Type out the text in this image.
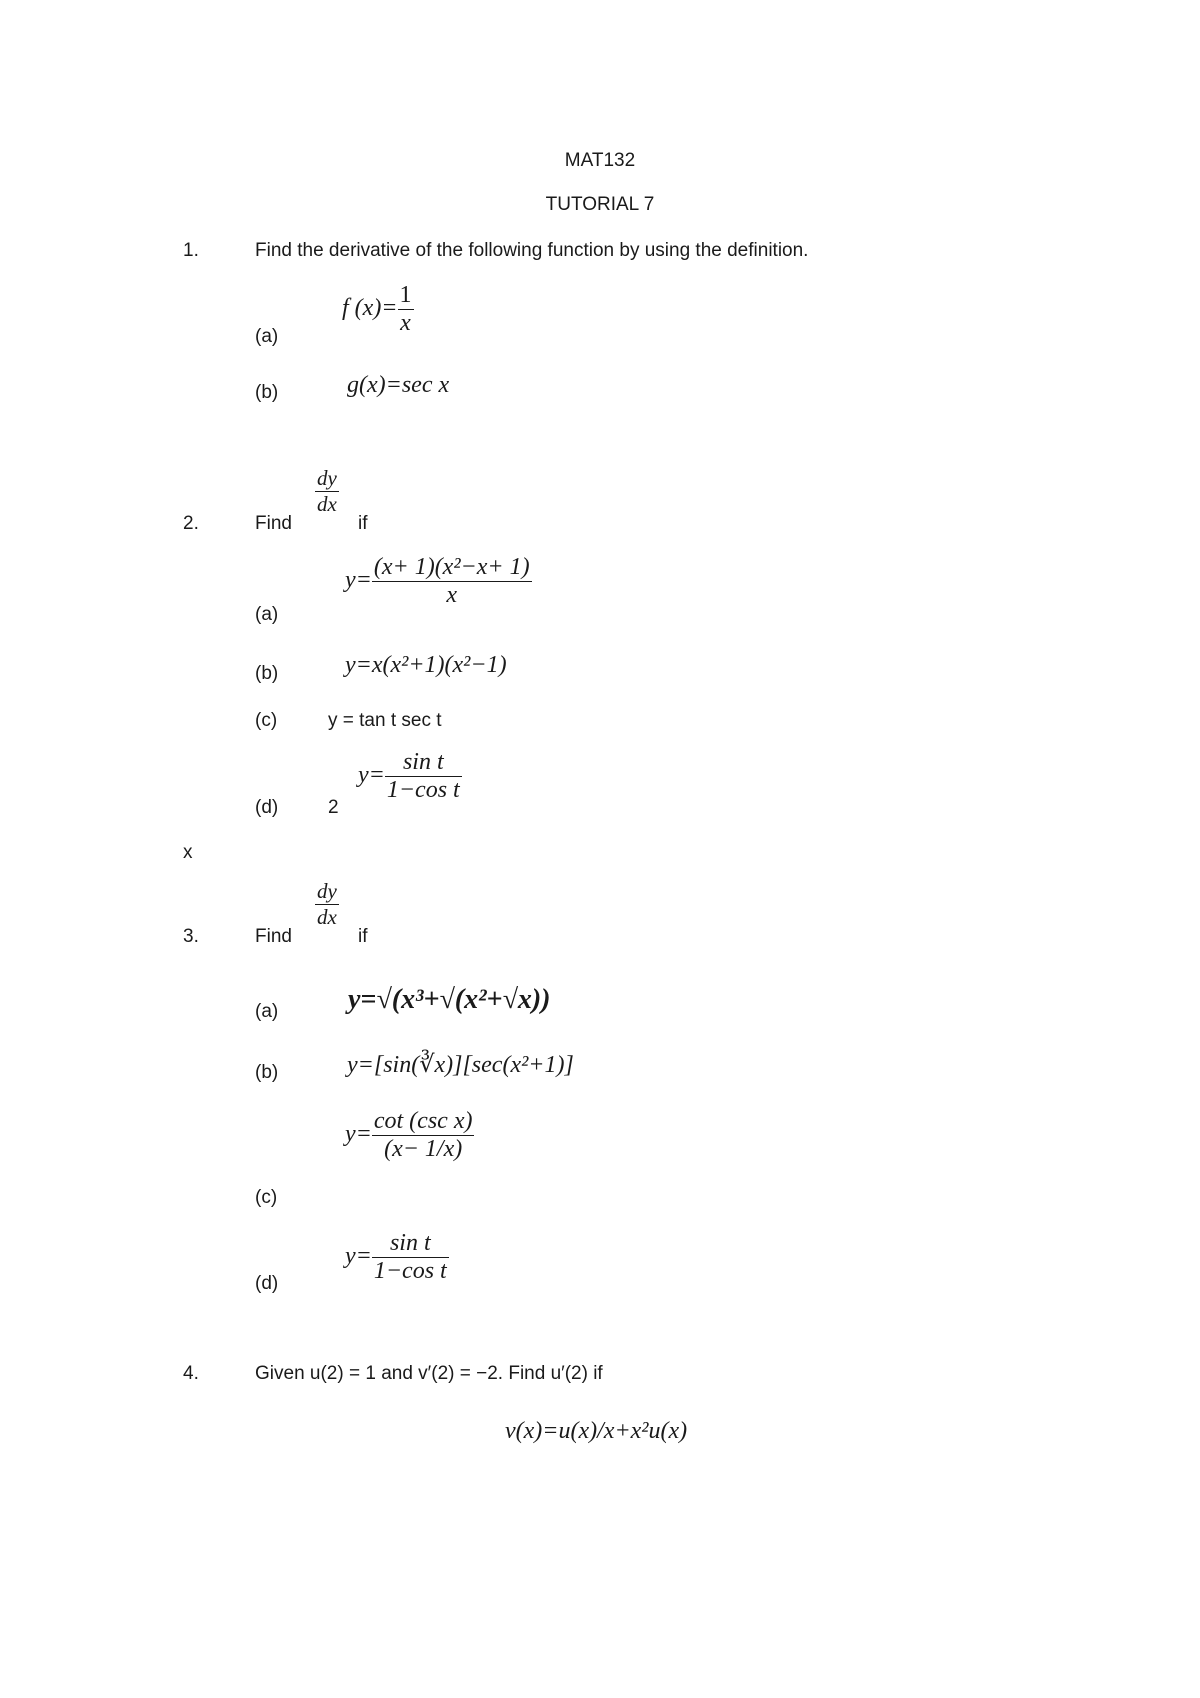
MAT132
TUTORIAL 7
1.	Find the derivative of the following function by using the definition.
f $(x)= \frac{1}{x}$
(a)
(b)	g(x)=sec x
$\frac{dy}{dx}$
2.	Find	if
$y= \frac{\text{(x+ 1)(x²−x+ 1)}}{x}$
(a)
(b)	y=x(x²+1)(x²−1)
(c)	y = tan t sec t
$y= \frac{\text{sin t}}{\text{1−cos t}}$
(d)	2
x
$\frac{dy}{dx}$
3.	Find	if
y=√(x³+√(x²+√x))
(a)
(b)	y=[sin(∛x)][sec(x²+1)]
$y= \frac{\text{cot (csc x)}}{(x- 1/x)}$
(c)
$y= \frac{\text{sin t}}{\text{1−cos t}}$
(d)
4.	Given u(2) = 1 and v′(2) = −2. Find u′(2) if
v(x)=u(x)/x+x²u(x)
